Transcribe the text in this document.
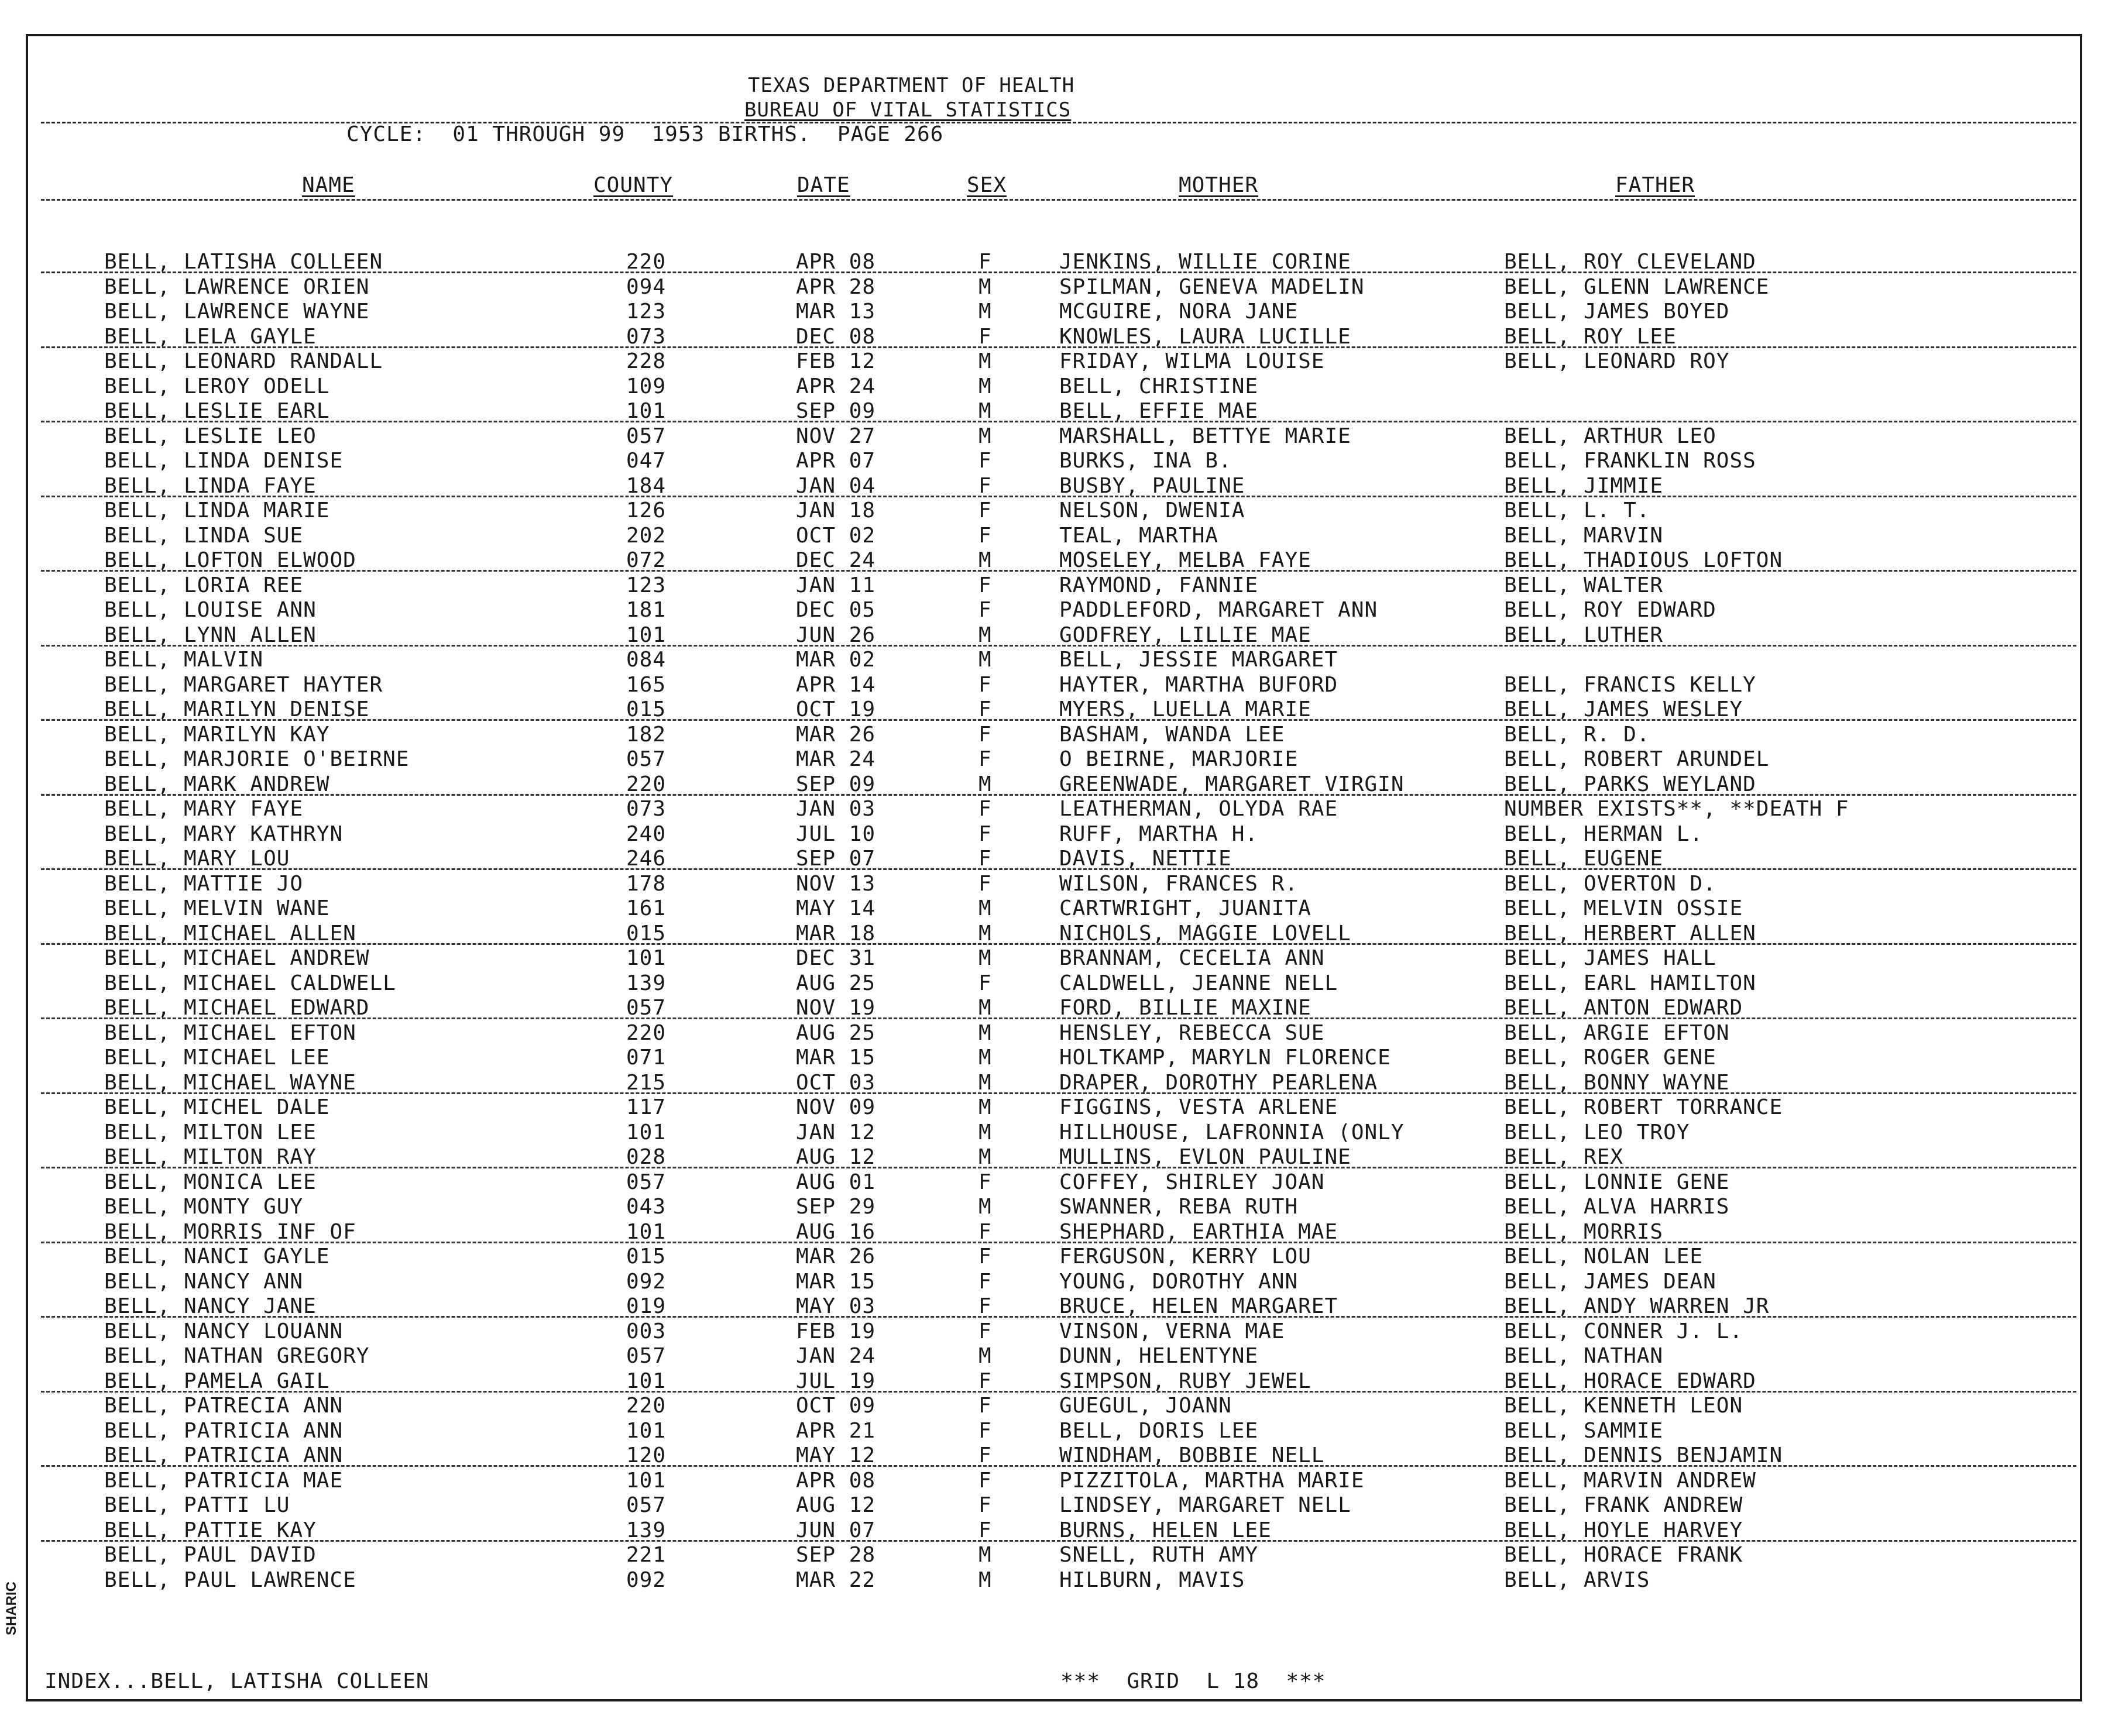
TEXAS DEPARTMENT OF HEALTH
BUREAU OF VITAL STATISTICS
CYCLE:  01 THROUGH 99  1953 BIRTHS.  PAGE 266
NAME	COUNTY	DATE	SEX	MOTHER	FATHER
BELL, LATISHA COLLEEN	220	APR 08	F	JENKINS, WILLIE CORINE	BELL, ROY CLEVELAND
BELL, LAWRENCE ORIEN	094	APR 28	M	SPILMAN, GENEVA MADELIN	BELL, GLENN LAWRENCE
BELL, LAWRENCE WAYNE	123	MAR 13	M	MCGUIRE, NORA JANE	BELL, JAMES BOYED
BELL, LELA GAYLE	073	DEC 08	F	KNOWLES, LAURA LUCILLE	BELL, ROY LEE
BELL, LEONARD RANDALL	228	FEB 12	M	FRIDAY, WILMA LOUISE	BELL, LEONARD ROY
BELL, LEROY ODELL	109	APR 24	M	BELL, CHRISTINE
BELL, LESLIE EARL	101	SEP 09	M	BELL, EFFIE MAE
BELL, LESLIE LEO	057	NOV 27	M	MARSHALL, BETTYE MARIE	BELL, ARTHUR LEO
BELL, LINDA DENISE	047	APR 07	F	BURKS, INA B.	BELL, FRANKLIN ROSS
BELL, LINDA FAYE	184	JAN 04	F	BUSBY, PAULINE	BELL, JIMMIE
BELL, LINDA MARIE	126	JAN 18	F	NELSON, DWENIA	BELL, L. T.
BELL, LINDA SUE	202	OCT 02	F	TEAL, MARTHA	BELL, MARVIN
BELL, LOFTON ELWOOD	072	DEC 24	M	MOSELEY, MELBA FAYE	BELL, THADIOUS LOFTON
BELL, LORIA REE	123	JAN 11	F	RAYMOND, FANNIE	BELL, WALTER
BELL, LOUISE ANN	181	DEC 05	F	PADDLEFORD, MARGARET ANN	BELL, ROY EDWARD
BELL, LYNN ALLEN	101	JUN 26	M	GODFREY, LILLIE MAE	BELL, LUTHER
BELL, MALVIN	084	MAR 02	M	BELL, JESSIE MARGARET
BELL, MARGARET HAYTER	165	APR 14	F	HAYTER, MARTHA BUFORD	BELL, FRANCIS KELLY
BELL, MARILYN DENISE	015	OCT 19	F	MYERS, LUELLA MARIE	BELL, JAMES WESLEY
BELL, MARILYN KAY	182	MAR 26	F	BASHAM, WANDA LEE	BELL, R. D.
BELL, MARJORIE O'BEIRNE	057	MAR 24	F	O BEIRNE, MARJORIE	BELL, ROBERT ARUNDEL
BELL, MARK ANDREW	220	SEP 09	M	GREENWADE, MARGARET VIRGIN	BELL, PARKS WEYLAND
BELL, MARY FAYE	073	JAN 03	F	LEATHERMAN, OLYDA RAE	NUMBER EXISTS**, **DEATH F
BELL, MARY KATHRYN	240	JUL 10	F	RUFF, MARTHA H.	BELL, HERMAN L.
BELL, MARY LOU	246	SEP 07	F	DAVIS, NETTIE	BELL, EUGENE
BELL, MATTIE JO	178	NOV 13	F	WILSON, FRANCES R.	BELL, OVERTON D.
BELL, MELVIN WANE	161	MAY 14	M	CARTWRIGHT, JUANITA	BELL, MELVIN OSSIE
BELL, MICHAEL ALLEN	015	MAR 18	M	NICHOLS, MAGGIE LOVELL	BELL, HERBERT ALLEN
BELL, MICHAEL ANDREW	101	DEC 31	M	BRANNAM, CECELIA ANN	BELL, JAMES HALL
BELL, MICHAEL CALDWELL	139	AUG 25	F	CALDWELL, JEANNE NELL	BELL, EARL HAMILTON
BELL, MICHAEL EDWARD	057	NOV 19	M	FORD, BILLIE MAXINE	BELL, ANTON EDWARD
BELL, MICHAEL EFTON	220	AUG 25	M	HENSLEY, REBECCA SUE	BELL, ARGIE EFTON
BELL, MICHAEL LEE	071	MAR 15	M	HOLTKAMP, MARYLN FLORENCE	BELL, ROGER GENE
BELL, MICHAEL WAYNE	215	OCT 03	M	DRAPER, DOROTHY PEARLENA	BELL, BONNY WAYNE
BELL, MICHEL DALE	117	NOV 09	M	FIGGINS, VESTA ARLENE	BELL, ROBERT TORRANCE
BELL, MILTON LEE	101	JAN 12	M	HILLHOUSE, LAFRONNIA (ONLY	BELL, LEO TROY
BELL, MILTON RAY	028	AUG 12	M	MULLINS, EVLON PAULINE	BELL, REX
BELL, MONICA LEE	057	AUG 01	F	COFFEY, SHIRLEY JOAN	BELL, LONNIE GENE
BELL, MONTY GUY	043	SEP 29	M	SWANNER, REBA RUTH	BELL, ALVA HARRIS
BELL, MORRIS INF OF	101	AUG 16	F	SHEPHARD, EARTHIA MAE	BELL, MORRIS
BELL, NANCI GAYLE	015	MAR 26	F	FERGUSON, KERRY LOU	BELL, NOLAN LEE
BELL, NANCY ANN	092	MAR 15	F	YOUNG, DOROTHY ANN	BELL, JAMES DEAN
BELL, NANCY JANE	019	MAY 03	F	BRUCE, HELEN MARGARET	BELL, ANDY WARREN JR
BELL, NANCY LOUANN	003	FEB 19	F	VINSON, VERNA MAE	BELL, CONNER J. L.
BELL, NATHAN GREGORY	057	JAN 24	M	DUNN, HELENTYNE	BELL, NATHAN
BELL, PAMELA GAIL	101	JUL 19	F	SIMPSON, RUBY JEWEL	BELL, HORACE EDWARD
BELL, PATRECIA ANN	220	OCT 09	F	GUEGUL, JOANN	BELL, KENNETH LEON
BELL, PATRICIA ANN	101	APR 21	F	BELL, DORIS LEE	BELL, SAMMIE
BELL, PATRICIA ANN	120	MAY 12	F	WINDHAM, BOBBIE NELL	BELL, DENNIS BENJAMIN
BELL, PATRICIA MAE	101	APR 08	F	PIZZITOLA, MARTHA MARIE	BELL, MARVIN ANDREW
BELL, PATTI LU	057	AUG 12	F	LINDSEY, MARGARET NELL	BELL, FRANK ANDREW
BELL, PATTIE KAY	139	JUN 07	F	BURNS, HELEN LEE	BELL, HOYLE HARVEY
BELL, PAUL DAVID	221	SEP 28	M	SNELL, RUTH AMY	BELL, HORACE FRANK
BELL, PAUL LAWRENCE	092	MAR 22	M	HILBURN, MAVIS	BELL, ARVIS
INDEX...BELL, LATISHA COLLEEN	***  GRID  L 18  ***
SHARIC
